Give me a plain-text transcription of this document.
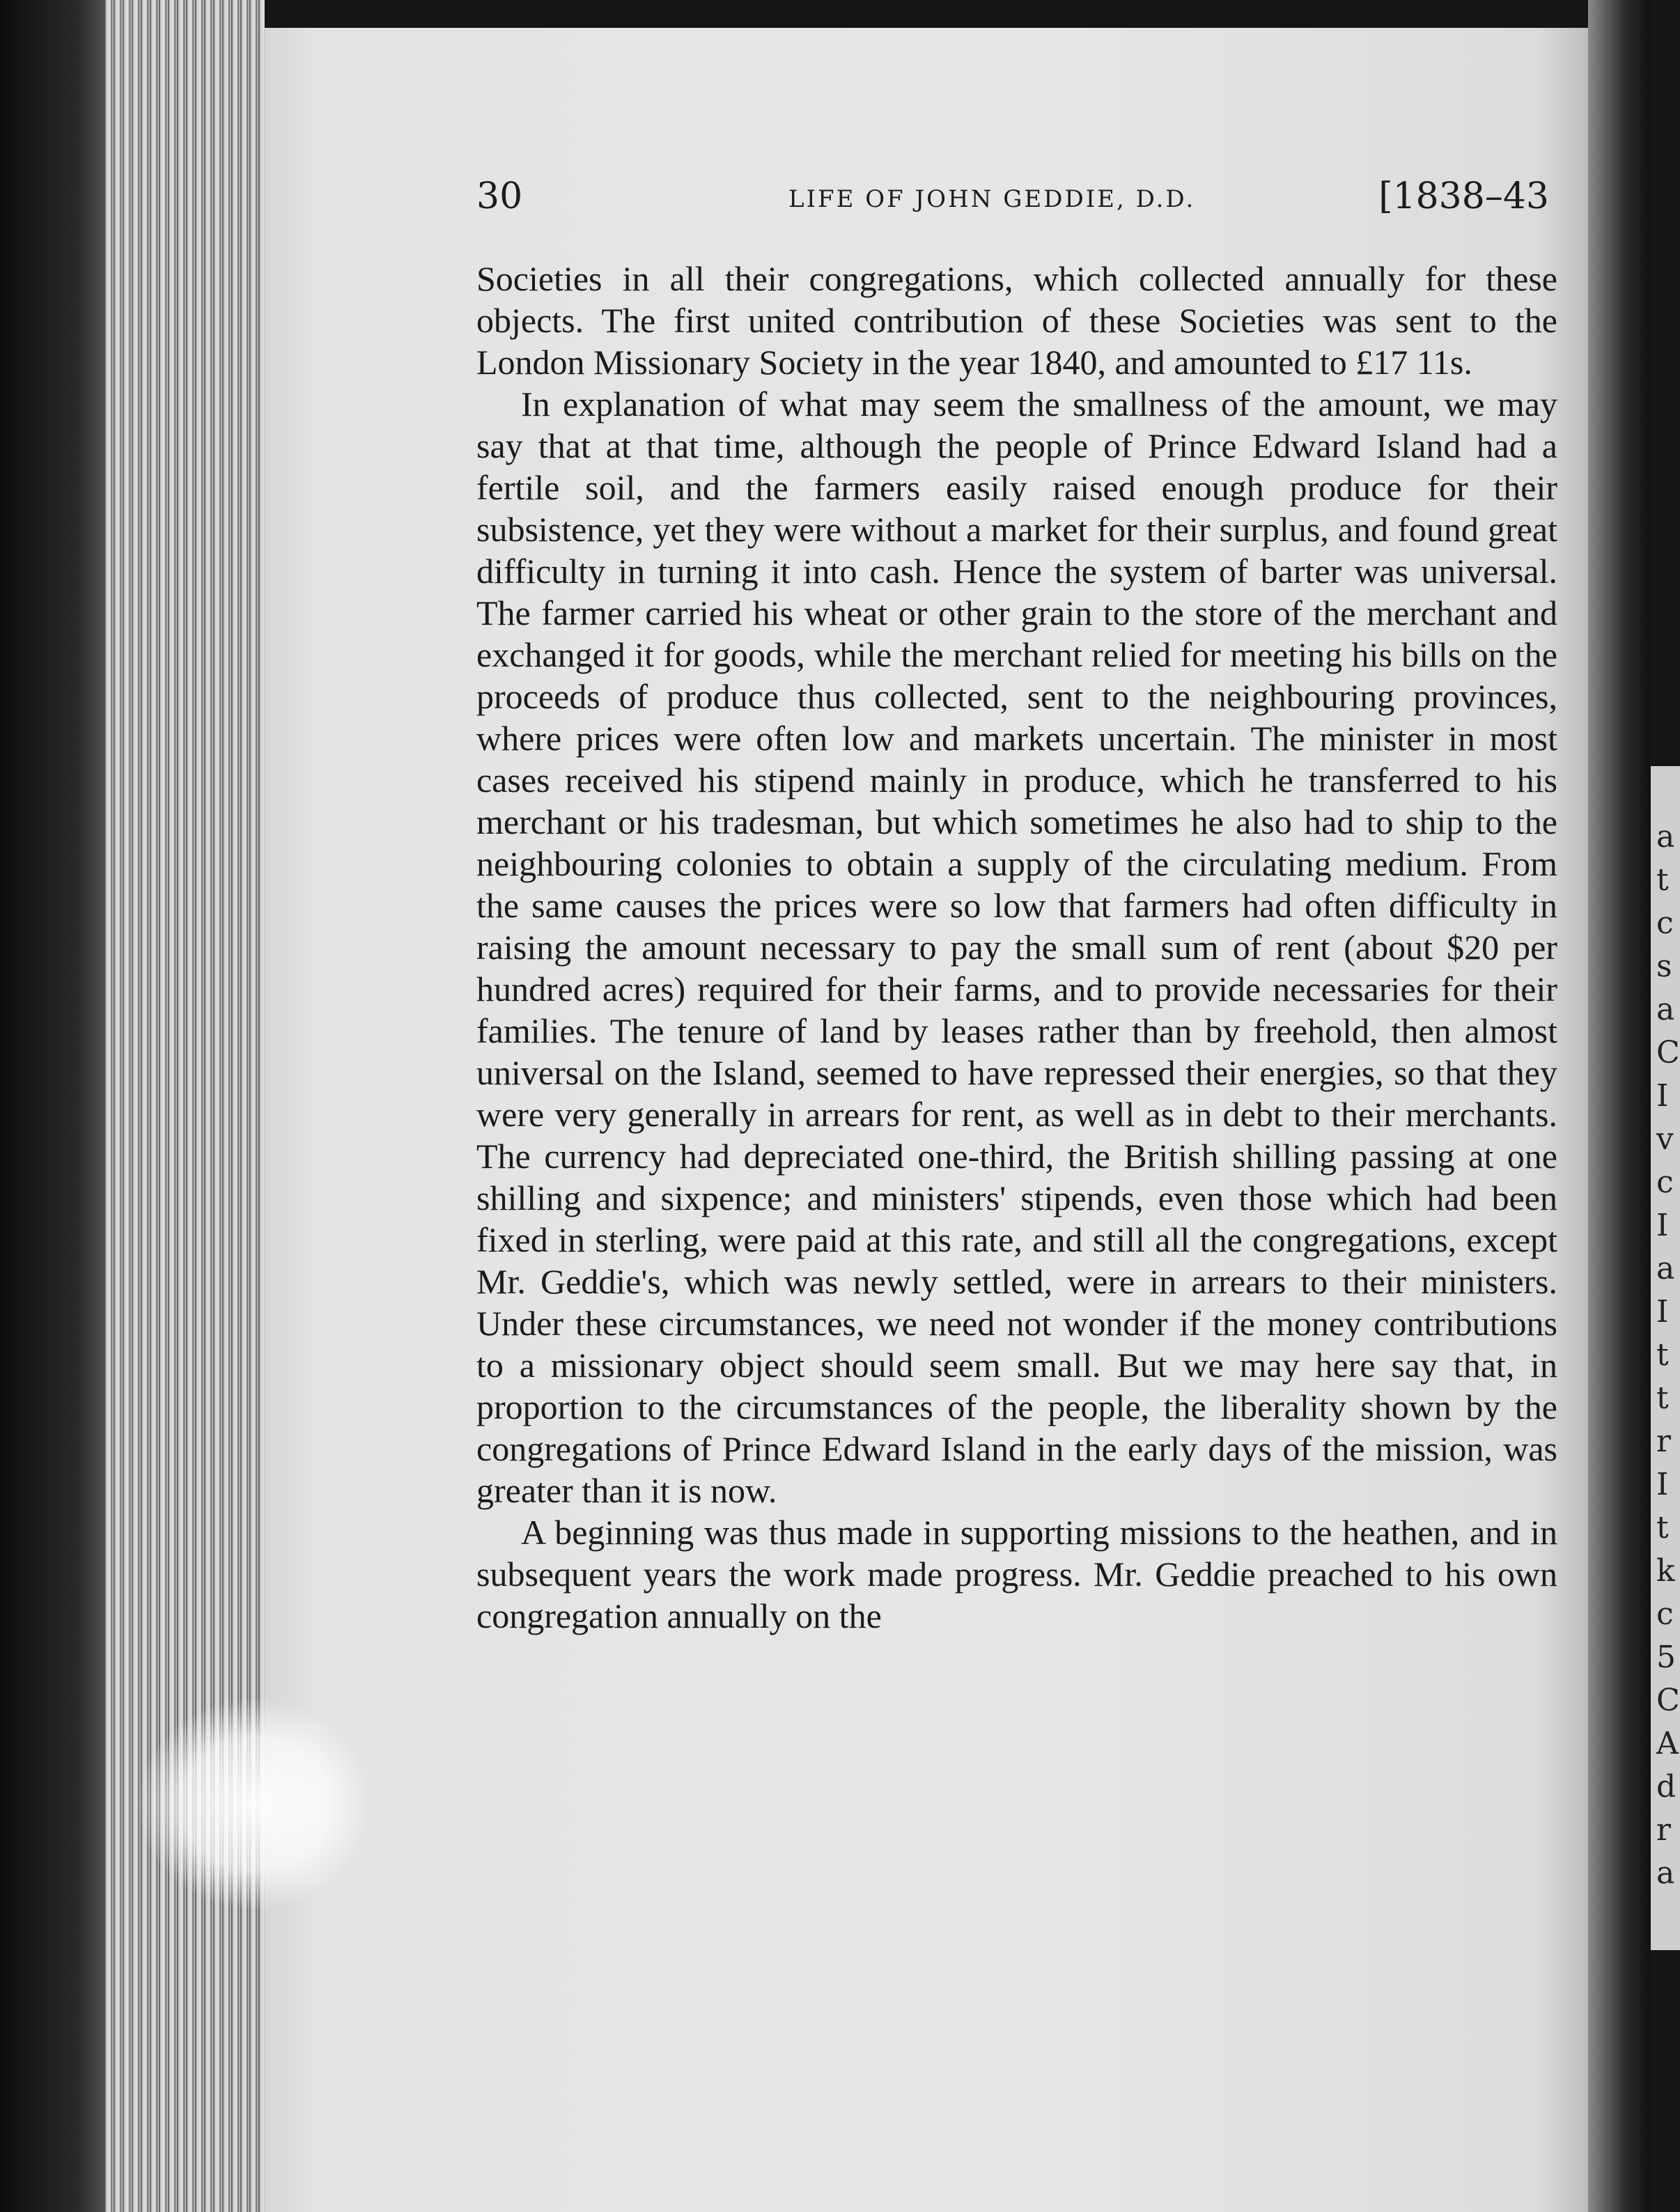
a
t
c
s
a
C
I
v
c
I
a
I
t
t
r
I
t
k
c
5
C
A
d
r
a
30	LIFE OF JOHN GEDDIE, D.D.	[1838–43

Societies in all their congregations, which collected annually for these objects. The first united contribution of these Societies was sent to the London Missionary Society in the year 1840, and amounted to £17 11s.

In explanation of what may seem the smallness of the amount, we may say that at that time, although the people of Prince Edward Island had a fertile soil, and the farmers easily raised enough produce for their subsistence, yet they were without a market for their surplus, and found great difficulty in turning it into cash. Hence the system of barter was universal. The farmer carried his wheat or other grain to the store of the merchant and exchanged it for goods, while the merchant relied for meeting his bills on the proceeds of produce thus collected, sent to the neighbouring provinces, where prices were often low and markets uncertain. The minister in most cases received his stipend mainly in produce, which he transferred to his merchant or his tradesman, but which sometimes he also had to ship to the neighbouring colonies to obtain a supply of the circulating medium. From the same causes the prices were so low that farmers had often difficulty in raising the amount necessary to pay the small sum of rent (about $20 per hundred acres) required for their farms, and to provide necessaries for their families. The tenure of land by leases rather than by freehold, then almost universal on the Island, seemed to have repressed their energies, so that they were very generally in arrears for rent, as well as in debt to their merchants. The currency had depreciated one-third, the British shilling passing at one shilling and sixpence; and ministers' stipends, even those which had been fixed in sterling, were paid at this rate, and still all the congregations, except Mr. Geddie's, which was newly settled, were in arrears to their ministers. Under these circumstances, we need not wonder if the money contributions to a missionary object should seem small. But we may here say that, in proportion to the circumstances of the people, the liberality shown by the congregations of Prince Edward Island in the early days of the mission, was greater than it is now.

A beginning was thus made in supporting missions to the heathen, and in subsequent years the work made progress. Mr. Geddie preached to his own congregation annually on the
